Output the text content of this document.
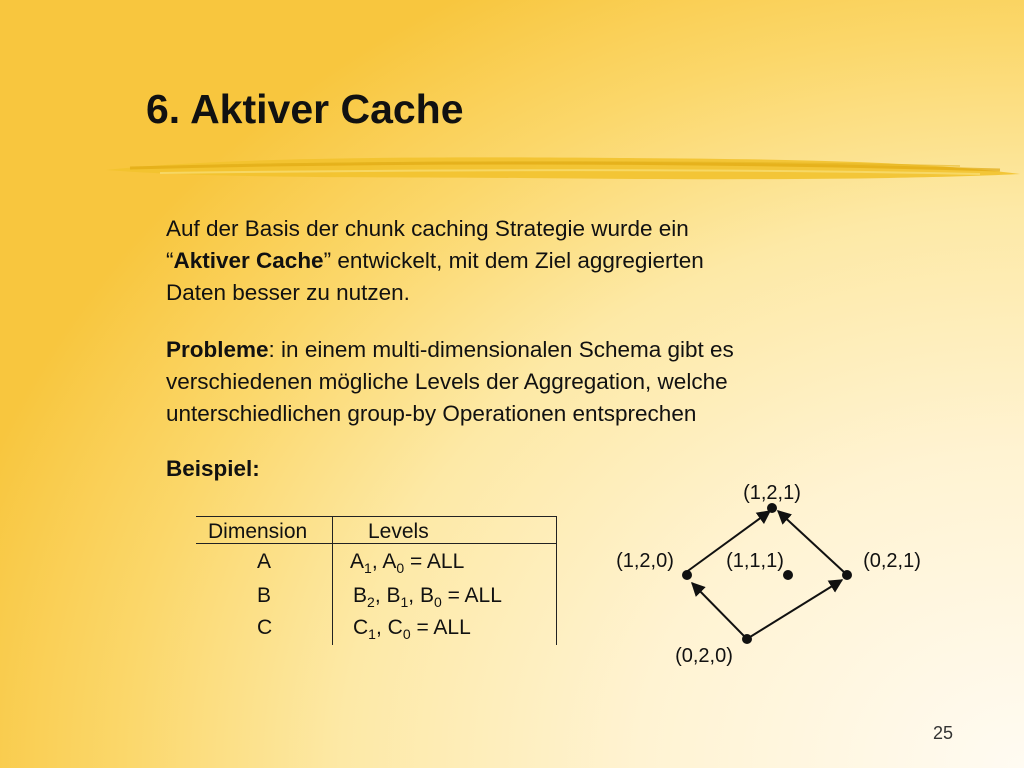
6. Aktiver Cache
Auf der Basis der chunk caching Strategie wurde ein
“Aktiver Cache” entwickelt, mit dem Ziel aggregierten
Daten besser zu nutzen.
Probleme: in einem multi-dimensionalen Schema gibt es
verschiedenen mögliche Levels der Aggregation, welche
unterschiedlichen group-by Operationen entsprechen
Beispiel:
Dimension	Levels
A	$A_1$, $A_0$ = ALL
B	$B_2$, $B_1$, $B_0$ = ALL
C	$C_1$, $C_0$ = ALL
(1,2,1)
(1,2,0)	(1,1,1)	(0,2,1)
(0,2,0)
25
